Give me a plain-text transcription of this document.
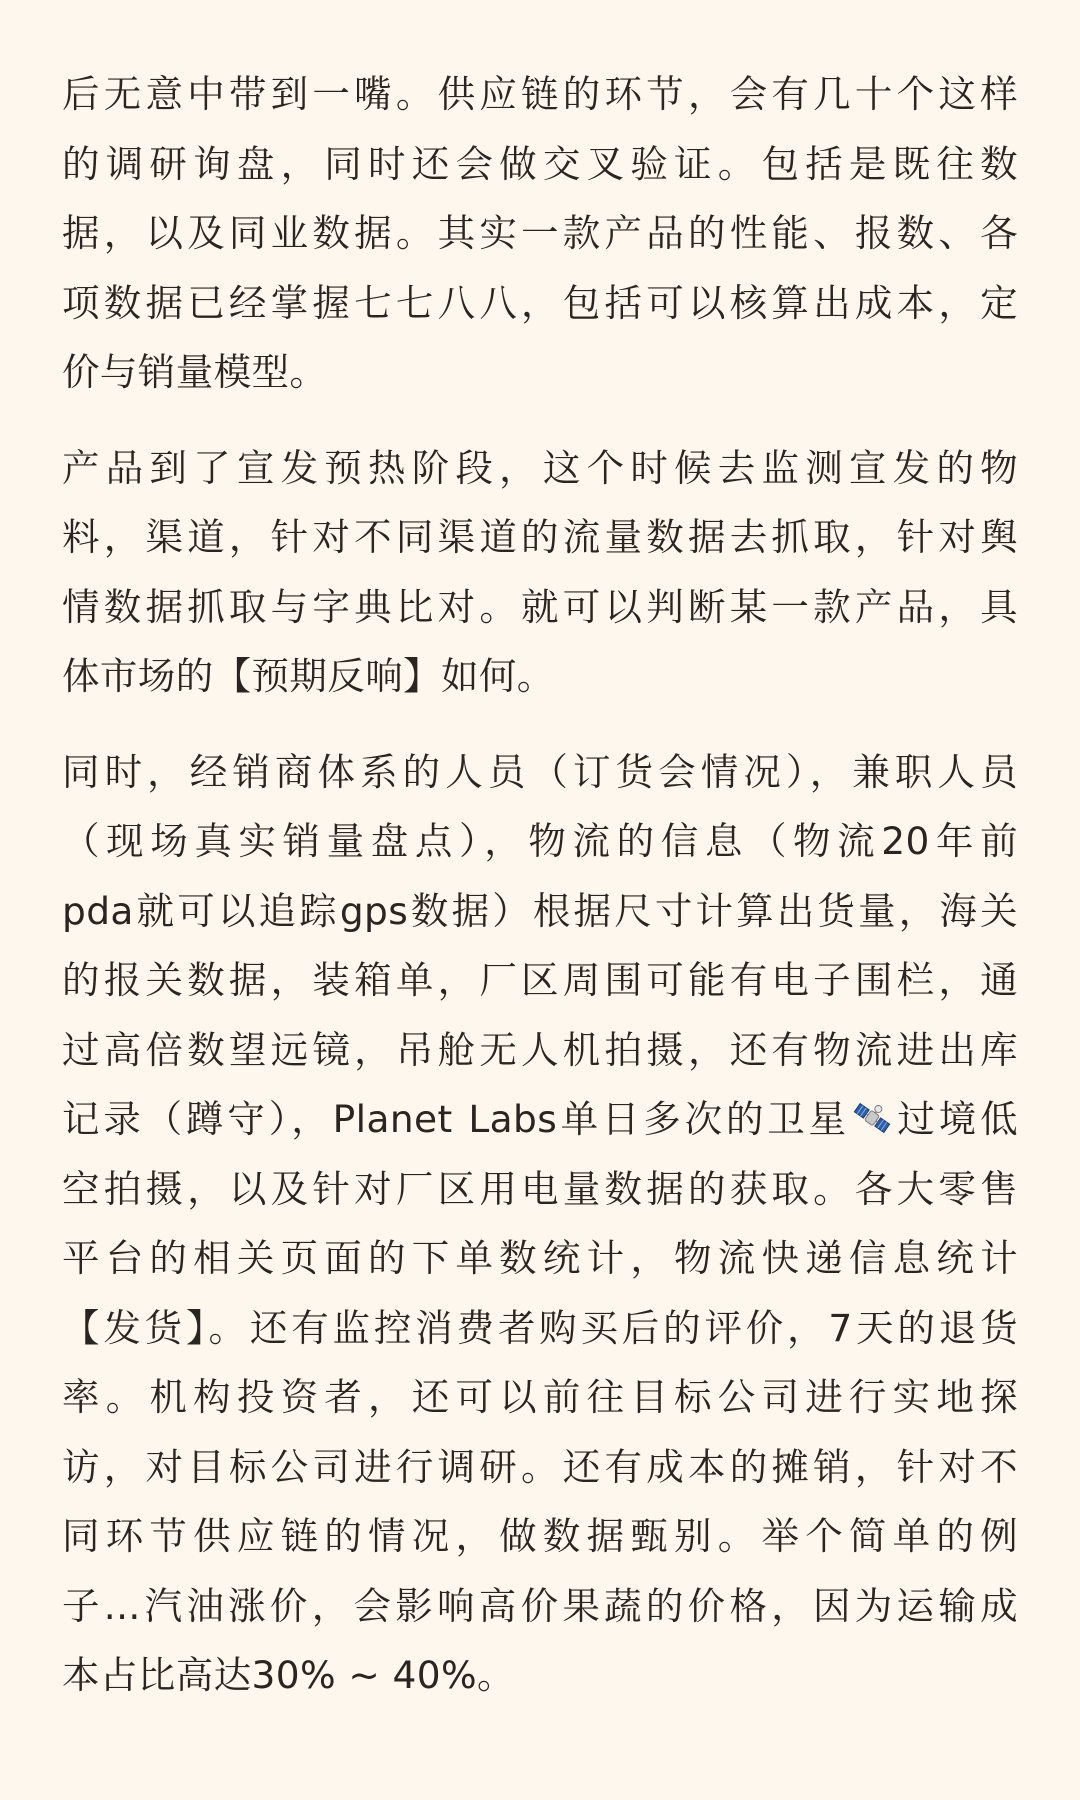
后无意中带到一嘴。供应链的环节，会有几十个这样
的调研询盘，同时还会做交叉验证。包括是既往数
据，以及同业数据。其实一款产品的性能、报数、各
项数据已经掌握七七八八，包括可以核算出成本，定
价与销量模型。

产品到了宣发预热阶段，这个时候去监测宣发的物
料，渠道，针对不同渠道的流量数据去抓取，针对舆
情数据抓取与字典比对。就可以判断某一款产品，具
体市场的【预期反响】如何。

同时，经销商体系的人员（订货会情况），兼职人员
（现场真实销量盘点），物流的信息（物流20年前
pda就可以追踪gps数据）根据尺寸计算出货量，海关
的报关数据，装箱单，厂区周围可能有电子围栏，通
过高倍数望远镜，吊舱无人机拍摄，还有物流进出库
记录（蹲守），Planet Labs单日多次的卫星 过境低
空拍摄，以及针对厂区用电量数据的获取。各大零售
平台的相关页面的下单数统计，物流快递信息统计
【发货】。还有监控消费者购买后的评价，7天的退货
率。机构投资者，还可以前往目标公司进行实地探
访，对目标公司进行调研。还有成本的摊销，针对不
同环节供应链的情况，做数据甄别。举个简单的例
子...汽油涨价，会影响高价果蔬的价格，因为运输成
本占比高达30% ~ 40%。
